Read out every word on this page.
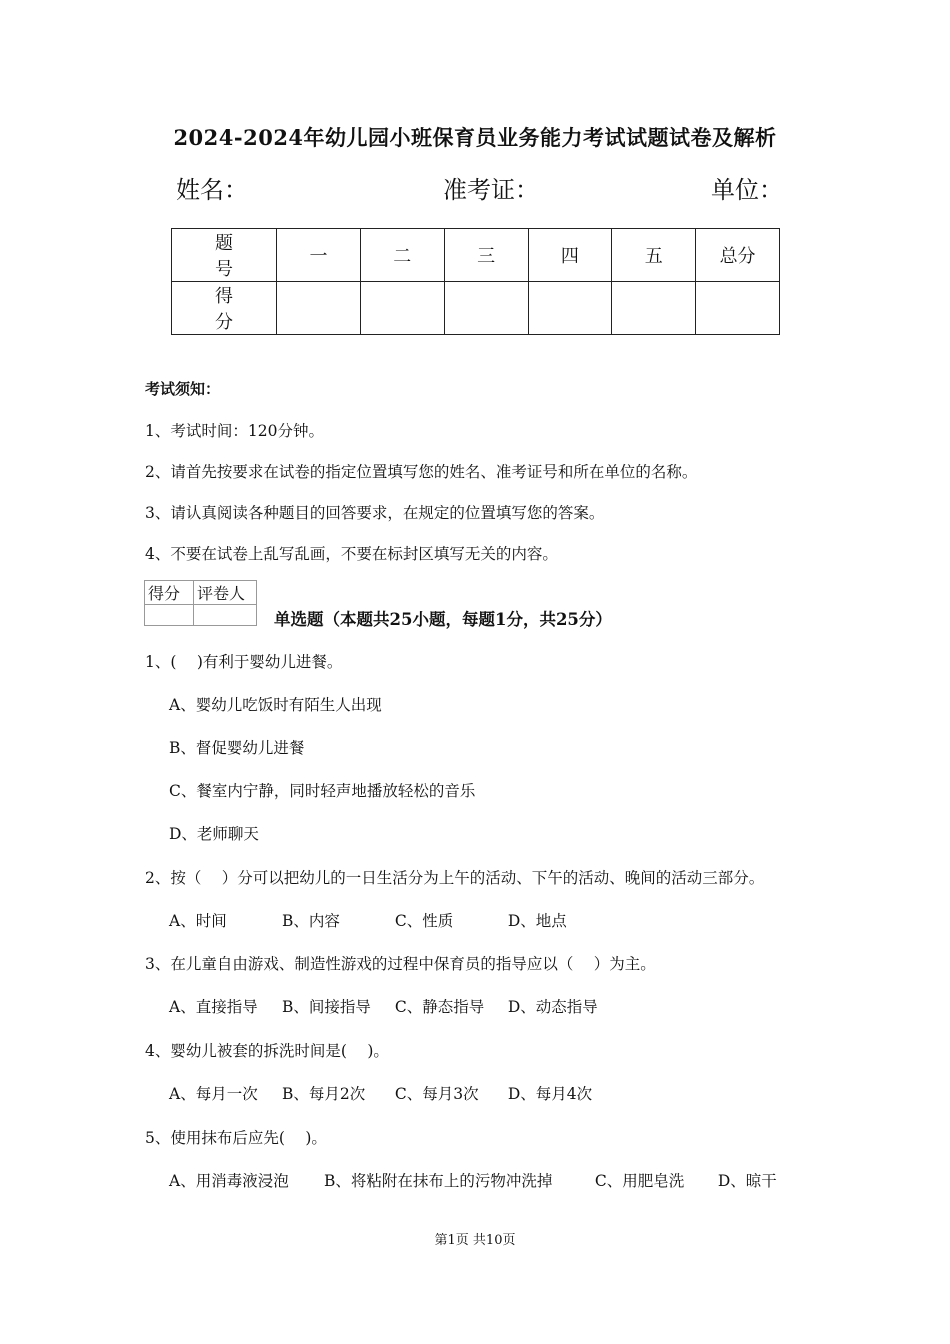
2024-2024年幼儿园小班保育员业务能力考试试题试卷及解析
姓名：	准考证：	单位：
题　号	一	二	三	四	五	总分
得　分						
考试须知：
1、考试时间：120分钟。
2、请首先按要求在试卷的指定位置填写您的姓名、准考证号和所在单位的名称。
3、请认真阅读各种题目的回答要求，在规定的位置填写您的答案。
4、不要在试卷上乱写乱画，不要在标封区填写无关的内容。
得分	评卷人

单选题（本题共25小题，每题1分，共25分）
1、(　 )有利于婴幼儿进餐。
A、婴幼儿吃饭时有陌生人出现
B、督促婴幼儿进餐
C、餐室内宁静，同时轻声地播放轻松的音乐
D、老师聊天
2、按（　 ）分可以把幼儿的一日生活分为上午的活动、下午的活动、晚间的活动三部分。
A、时间	B、内容	C、性质	D、地点
3、在儿童自由游戏、制造性游戏的过程中保育员的指导应以（　 ）为主。
A、直接指导 B、间接指导 C、静态指导 D、动态指导
4、婴幼儿被套的拆洗时间是(　 )。
A、每月一次 B、每月2次 C、每月3次 D、每月4次
5、使用抹布后应先(　 )。
A、用消毒液浸泡 B、将粘附在抹布上的污物冲洗掉	C、用肥皂洗 D、晾干
第1页 共10页
